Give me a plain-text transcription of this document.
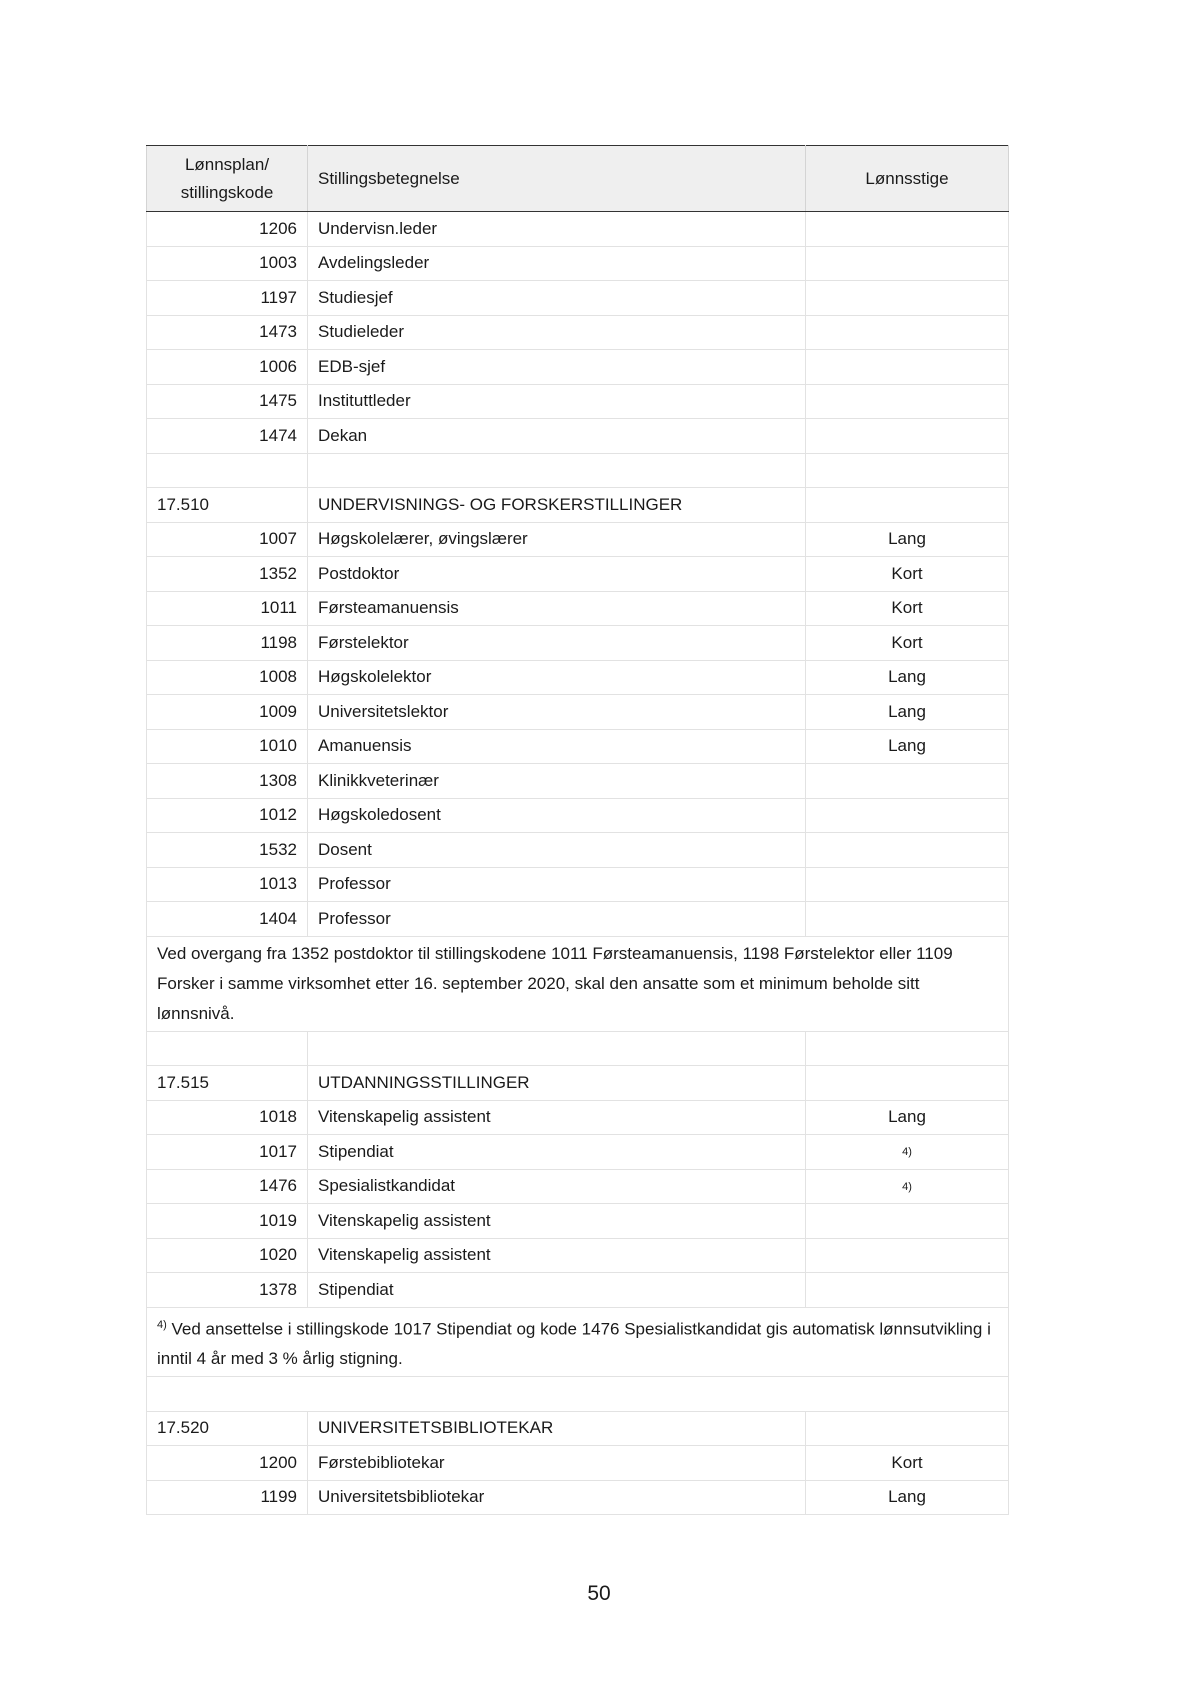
Lønnsplan/ stillingskode	Stillingsbetegnelse	Lønnsstige
1206	Undervisn.leder	
1003	Avdelingsleder	
1197	Studiesjef	
1473	Studieleder	
1006	EDB-sjef	
1475	Instituttleder	
1474	Dekan	

17.510	UNDERVISNINGS- OG FORSKERSTILLINGER	
1007	Høgskolelærer, øvingslærer	Lang
1352	Postdoktor	Kort
1011	Førsteamanuensis	Kort
1198	Førstelektor	Kort
1008	Høgskolelektor	Lang
1009	Universitetslektor	Lang
1010	Amanuensis	Lang
1308	Klinikkveterinær	
1012	Høgskoledosent	
1532	Dosent	
1013	Professor	
1404	Professor	
Ved overgang fra 1352 postdoktor til stillingskodene 1011 Førsteamanuensis, 1198 Førstelektor eller 1109 Forsker i samme virksomhet etter 16. september 2020, skal den ansatte som et minimum beholde sitt lønnsnivå.		

17.515	UTDANNINGSSTILLINGER	
1018	Vitenskapelig assistent	Lang
1017	Stipendiat	$^{4)}$
1476	Spesialistkandidat	$^{4)}$
1019	Vitenskapelig assistent	
1020	Vitenskapelig assistent	
1378	Stipendiat	
$^{4)}$ Ved ansettelse i stillingskode 1017 Stipendiat og kode 1476 Spesialistkandidat gis automatisk lønnsutvikling i inntil 4 år med 3 % årlig stigning.		

17.520	UNIVERSITETSBIBLIOTEKAR	
1200	Førstebibliotekar	Kort
1199	Universitetsbibliotekar	Lang
50
